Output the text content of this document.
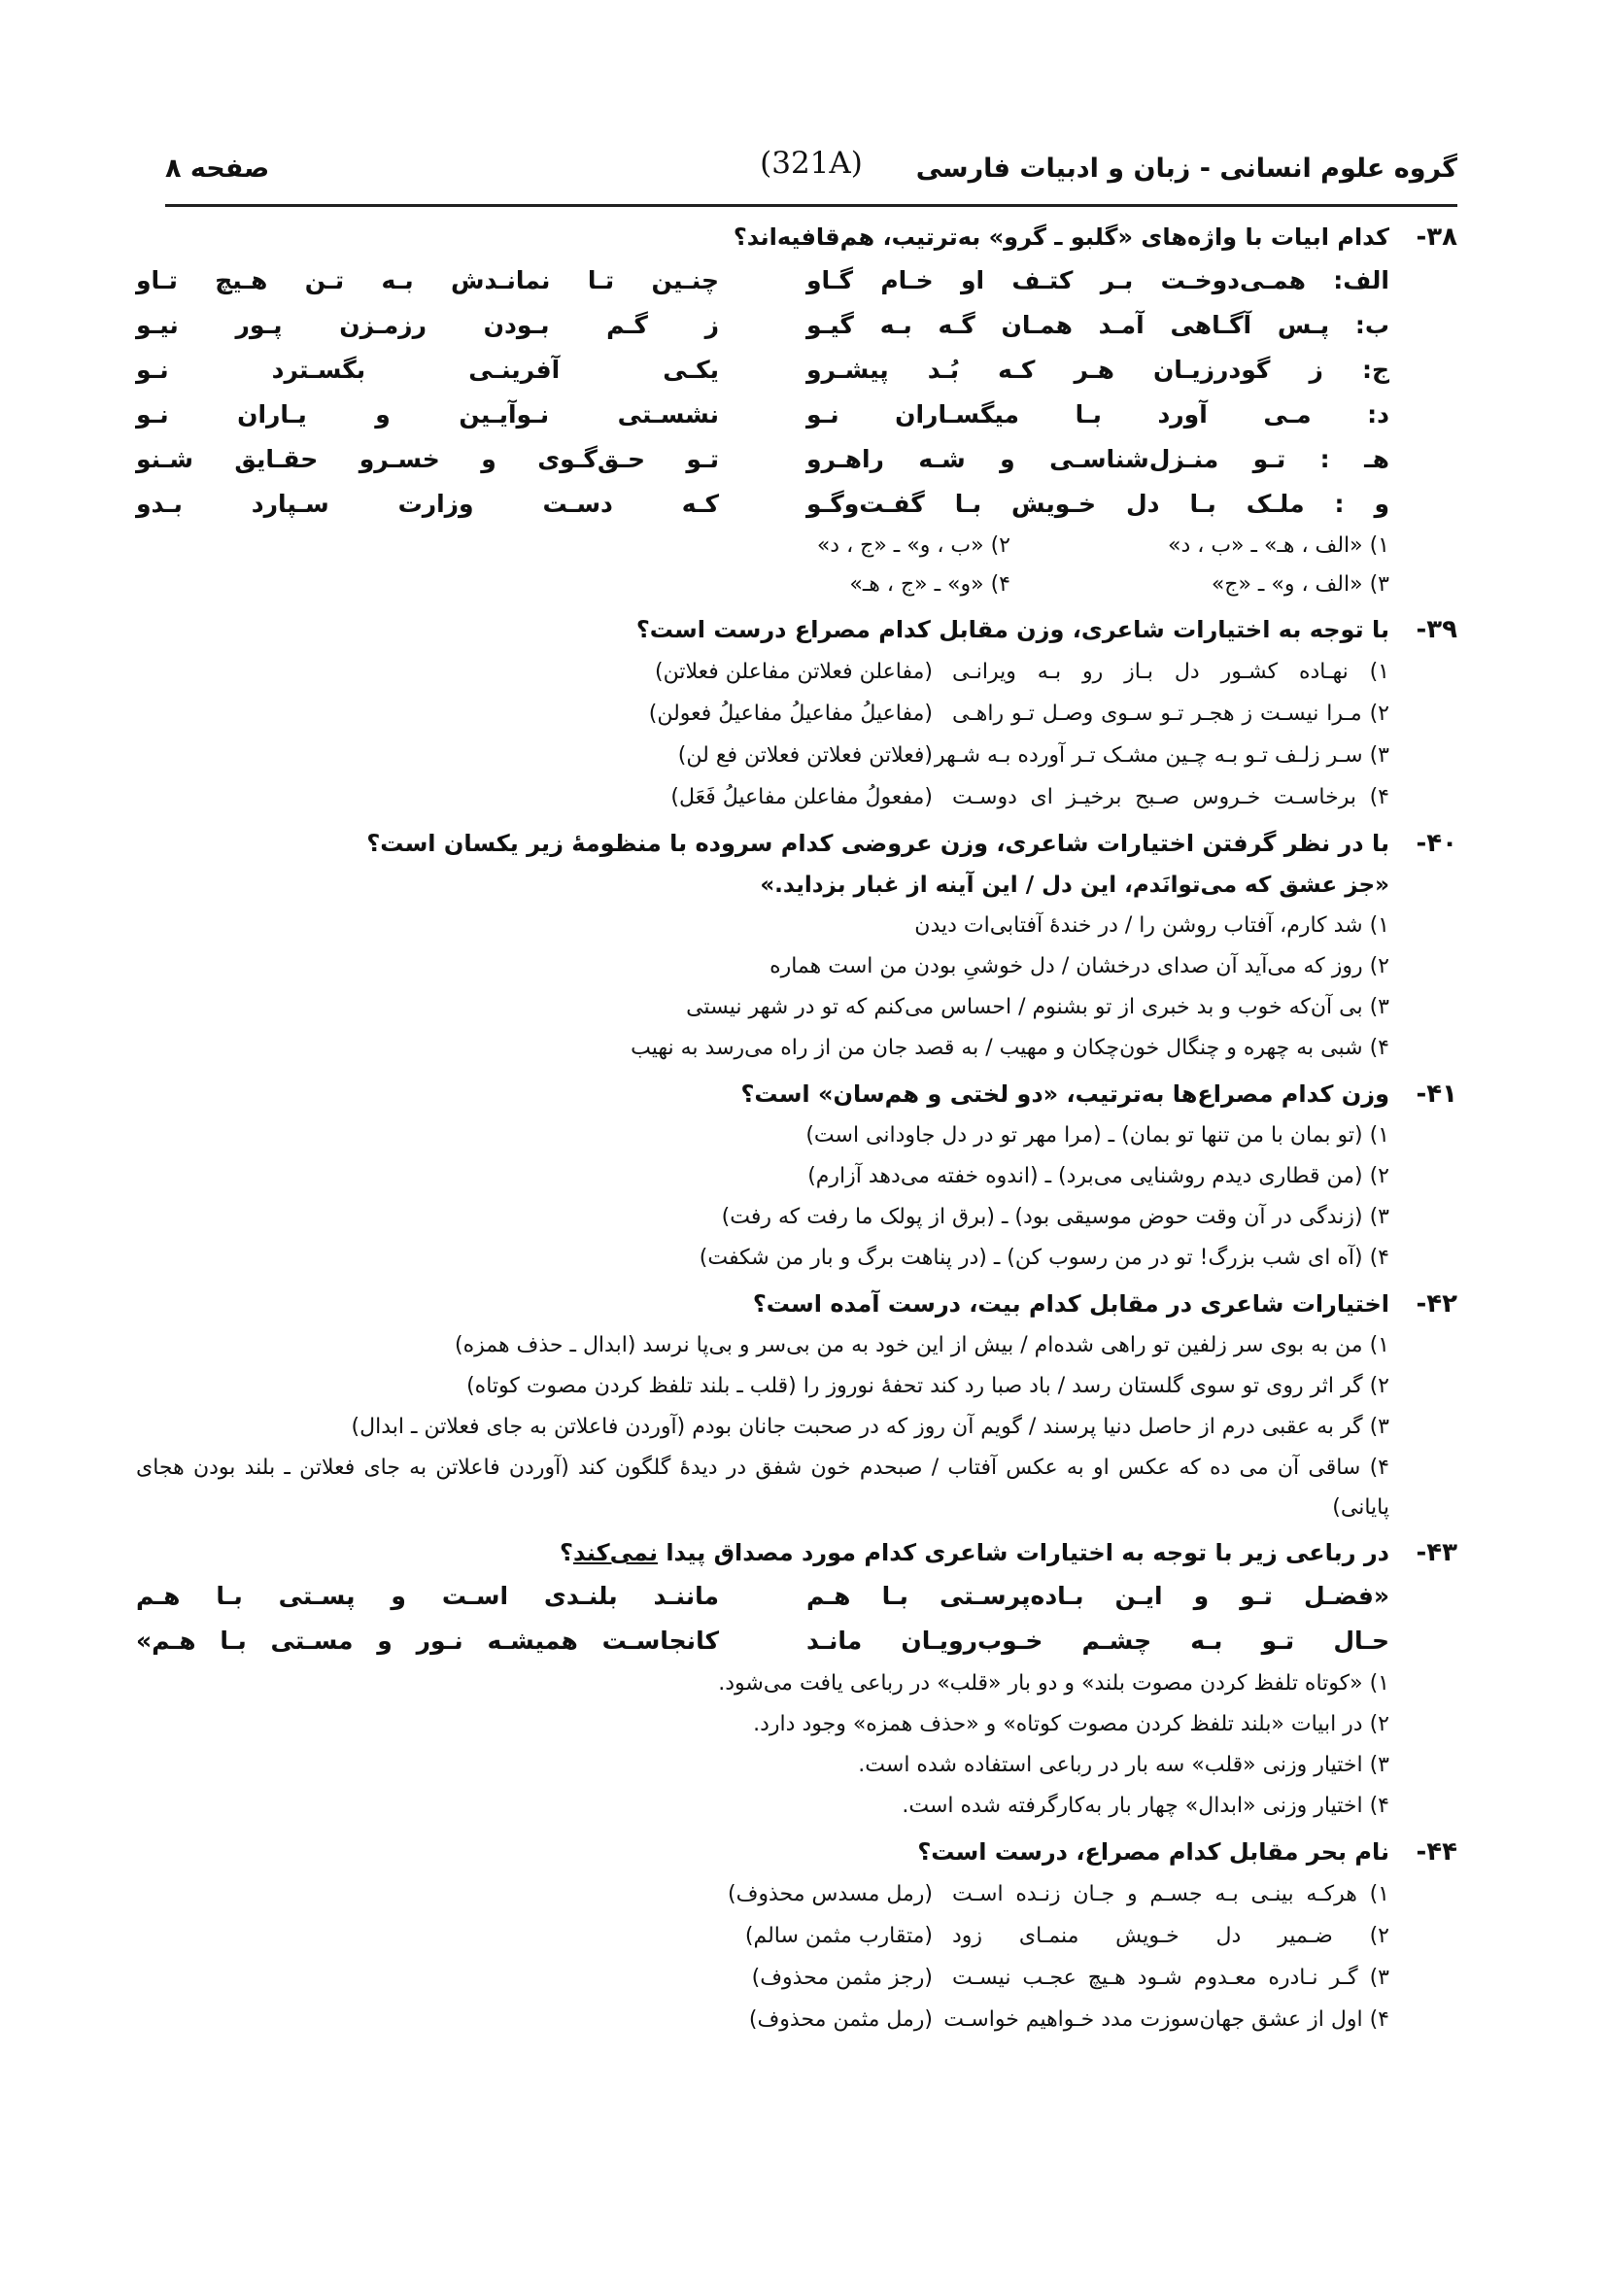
گروه علوم انسانی - زبان و ادبیات فارسی
(321A)
صفحه ۸
-۳۸
کدام ابیات با واژه‌های «گلبو ـ گرو» به‌ترتیب، هم‌قافیه‌اند؟
الف: همـی‌دوخـت بـر کتـف او خـام گـاو
چنـین تـا نمانـدش بـه تـن هـیچ تـاو
ب: پـس آگـاهی آمـد همـان گـه بـه گیـو
ز گـم بـودن رزمـزن پـور نیـو
ج: ز گودرزیـان هـر کـه بُـد پیشـرو
یکـی آفرینـی بگسـترد نـو
د: مـی آورد بـا میگسـاران نـو
نشسـتی نـوآیـین و یـاران نـو
هـ : تـو منـزل‌شناسـی و شـه راهـرو
تـو حـق‌گـوی و خسـرو حقـایق شـنو
و : ملـک بـا دل خـویش بـا گفـت‌وگـو
کـه دسـت وزارت سـپارد بـدو
۱) «الف ، هـ» ـ «ب ، د»
۲) «ب ، و» ـ «ج ، د»
۳) «الف ، و» ـ «ج»
۴) «و» ـ «ج ، هـ»
-۳۹
با توجه به اختیارات شاعری، وزن مقابل کدام مصراع درست است؟
۱) نهـاده کشـور دل بـاز رو بـه ویرانـی
(مفاعلن فعلاتن مفاعلن فعلاتن)
۲) مـرا نیسـت ز هجـر تـو سـوی وصـل تـو راهـی
(مفاعیلُ مفاعیلُ مفاعیلُ فعولن)
۳) سـر زلـف تـو بـه چـین مشـک تـر آورده بـه شـهر
(فعلاتن فعلاتن فعلاتن فع لن)
۴) برخاسـت خـروس صـبح برخیـز ای دوسـت
(مفعولُ مفاعلن مفاعیلُ فَعَل)
-۴۰
با در نظر گرفتن اختیارات شاعری، وزن عروضی کدام سروده با منظومهٔ زیر یکسان است؟
«جز عشق که می‌توانَدم، این دل / این آینه از غبار بزداید.»
۱) شد کارم، آفتاب روشن را / در خندهٔ آفتابی‌ات دیدن
۲) روز که می‌آید آن صدای درخشان / دل خوشیِ بودن من است هماره
۳) بی آن‌که خوب و بد خبری از تو بشنوم / احساس می‌کنم که تو در شهر نیستی
۴) شبی به چهره و چنگال خون‌چکان و مهیب / به قصد جان من از راه می‌رسد به نهیب
-۴۱
وزن کدام مصراع‌ها به‌ترتیب، «دو لختی و هم‌سان» است؟
۱) (تو بمان با من تنها تو بمان) ـ (مرا مهر تو در دل جاودانی است)
۲) (من قطاری دیدم روشنایی می‌برد) ـ (اندوه خفته می‌دهد آزارم)
۳) (زندگی در آن وقت حوض موسیقی بود) ـ (برق از پولک ما رفت که رفت)
۴) (آه ای شب بزرگ! تو در من رسوب کن) ـ (در پناهت برگ و بار من شکفت)
-۴۲
اختیارات شاعری در مقابل کدام بیت، درست آمده است؟
۱) من به بوی سر زلفین تو راهی شده‌ام / بیش از این خود به من بی‌سر و بی‌پا نرسد (ابدال ـ حذف همزه)
۲) گر اثر روی تو سوی گلستان رسد / باد صبا رد کند تحفهٔ نوروز را (قلب ـ بلند تلفظ کردن مصوت کوتاه)
۳) گر به عقبی درم از حاصل دنیا پرسند / گویم آن روز که در صحبت جانان بودم (آوردن فاعلاتن به جای فعلاتن ـ ابدال)
۴) ساقی آن می ده که عکس او به عکس آفتاب / صبحدم خون شفق در دیدهٔ گلگون کند (آوردن فاعلاتن به جای فعلاتن ـ بلند بودن هجای پایانی)
-۴۳
در رباعی زیر با توجه به اختیارات شاعری کدام مورد مصداق پیدا نمی‌کند؟
«فضـل تـو و ایـن بـاده‌پرسـتی بـا هـم
ماننـد بلنـدی اسـت و پسـتی بـا هـم
حـال تـو بـه چشـم خـوب‌رویـان مانـد
کانجاسـت همیشـه نـور و مسـتی بـا هـم»
۱) «کوتاه تلفظ کردن مصوت بلند» و دو بار «قلب» در رباعی یافت می‌شود.
۲) در ابیات «بلند تلفظ کردن مصوت کوتاه» و «حذف همزه» وجود دارد.
۳) اختیار وزنی «قلب» سه بار در رباعی استفاده شده است.
۴) اختیار وزنی «ابدال» چهار بار به‌کارگرفته شده است.
-۴۴
نام بحر مقابل کدام مصراع، درست است؟
۱) هرکـه بینـی بـه جسـم و جـان زنـده اسـت
(رمل مسدس محذوف)
۲) ضـمیر دل خـویش منمـای زود
(متقارب مثمن سالم)
۳) گـر نـادره معـدوم شـود هـیچ عجـب نیسـت
(رجز مثمن محذوف)
۴) اول از عشق جهان‌سوزت مدد خـواهیم خواسـت
(رمل مثمن محذوف)
